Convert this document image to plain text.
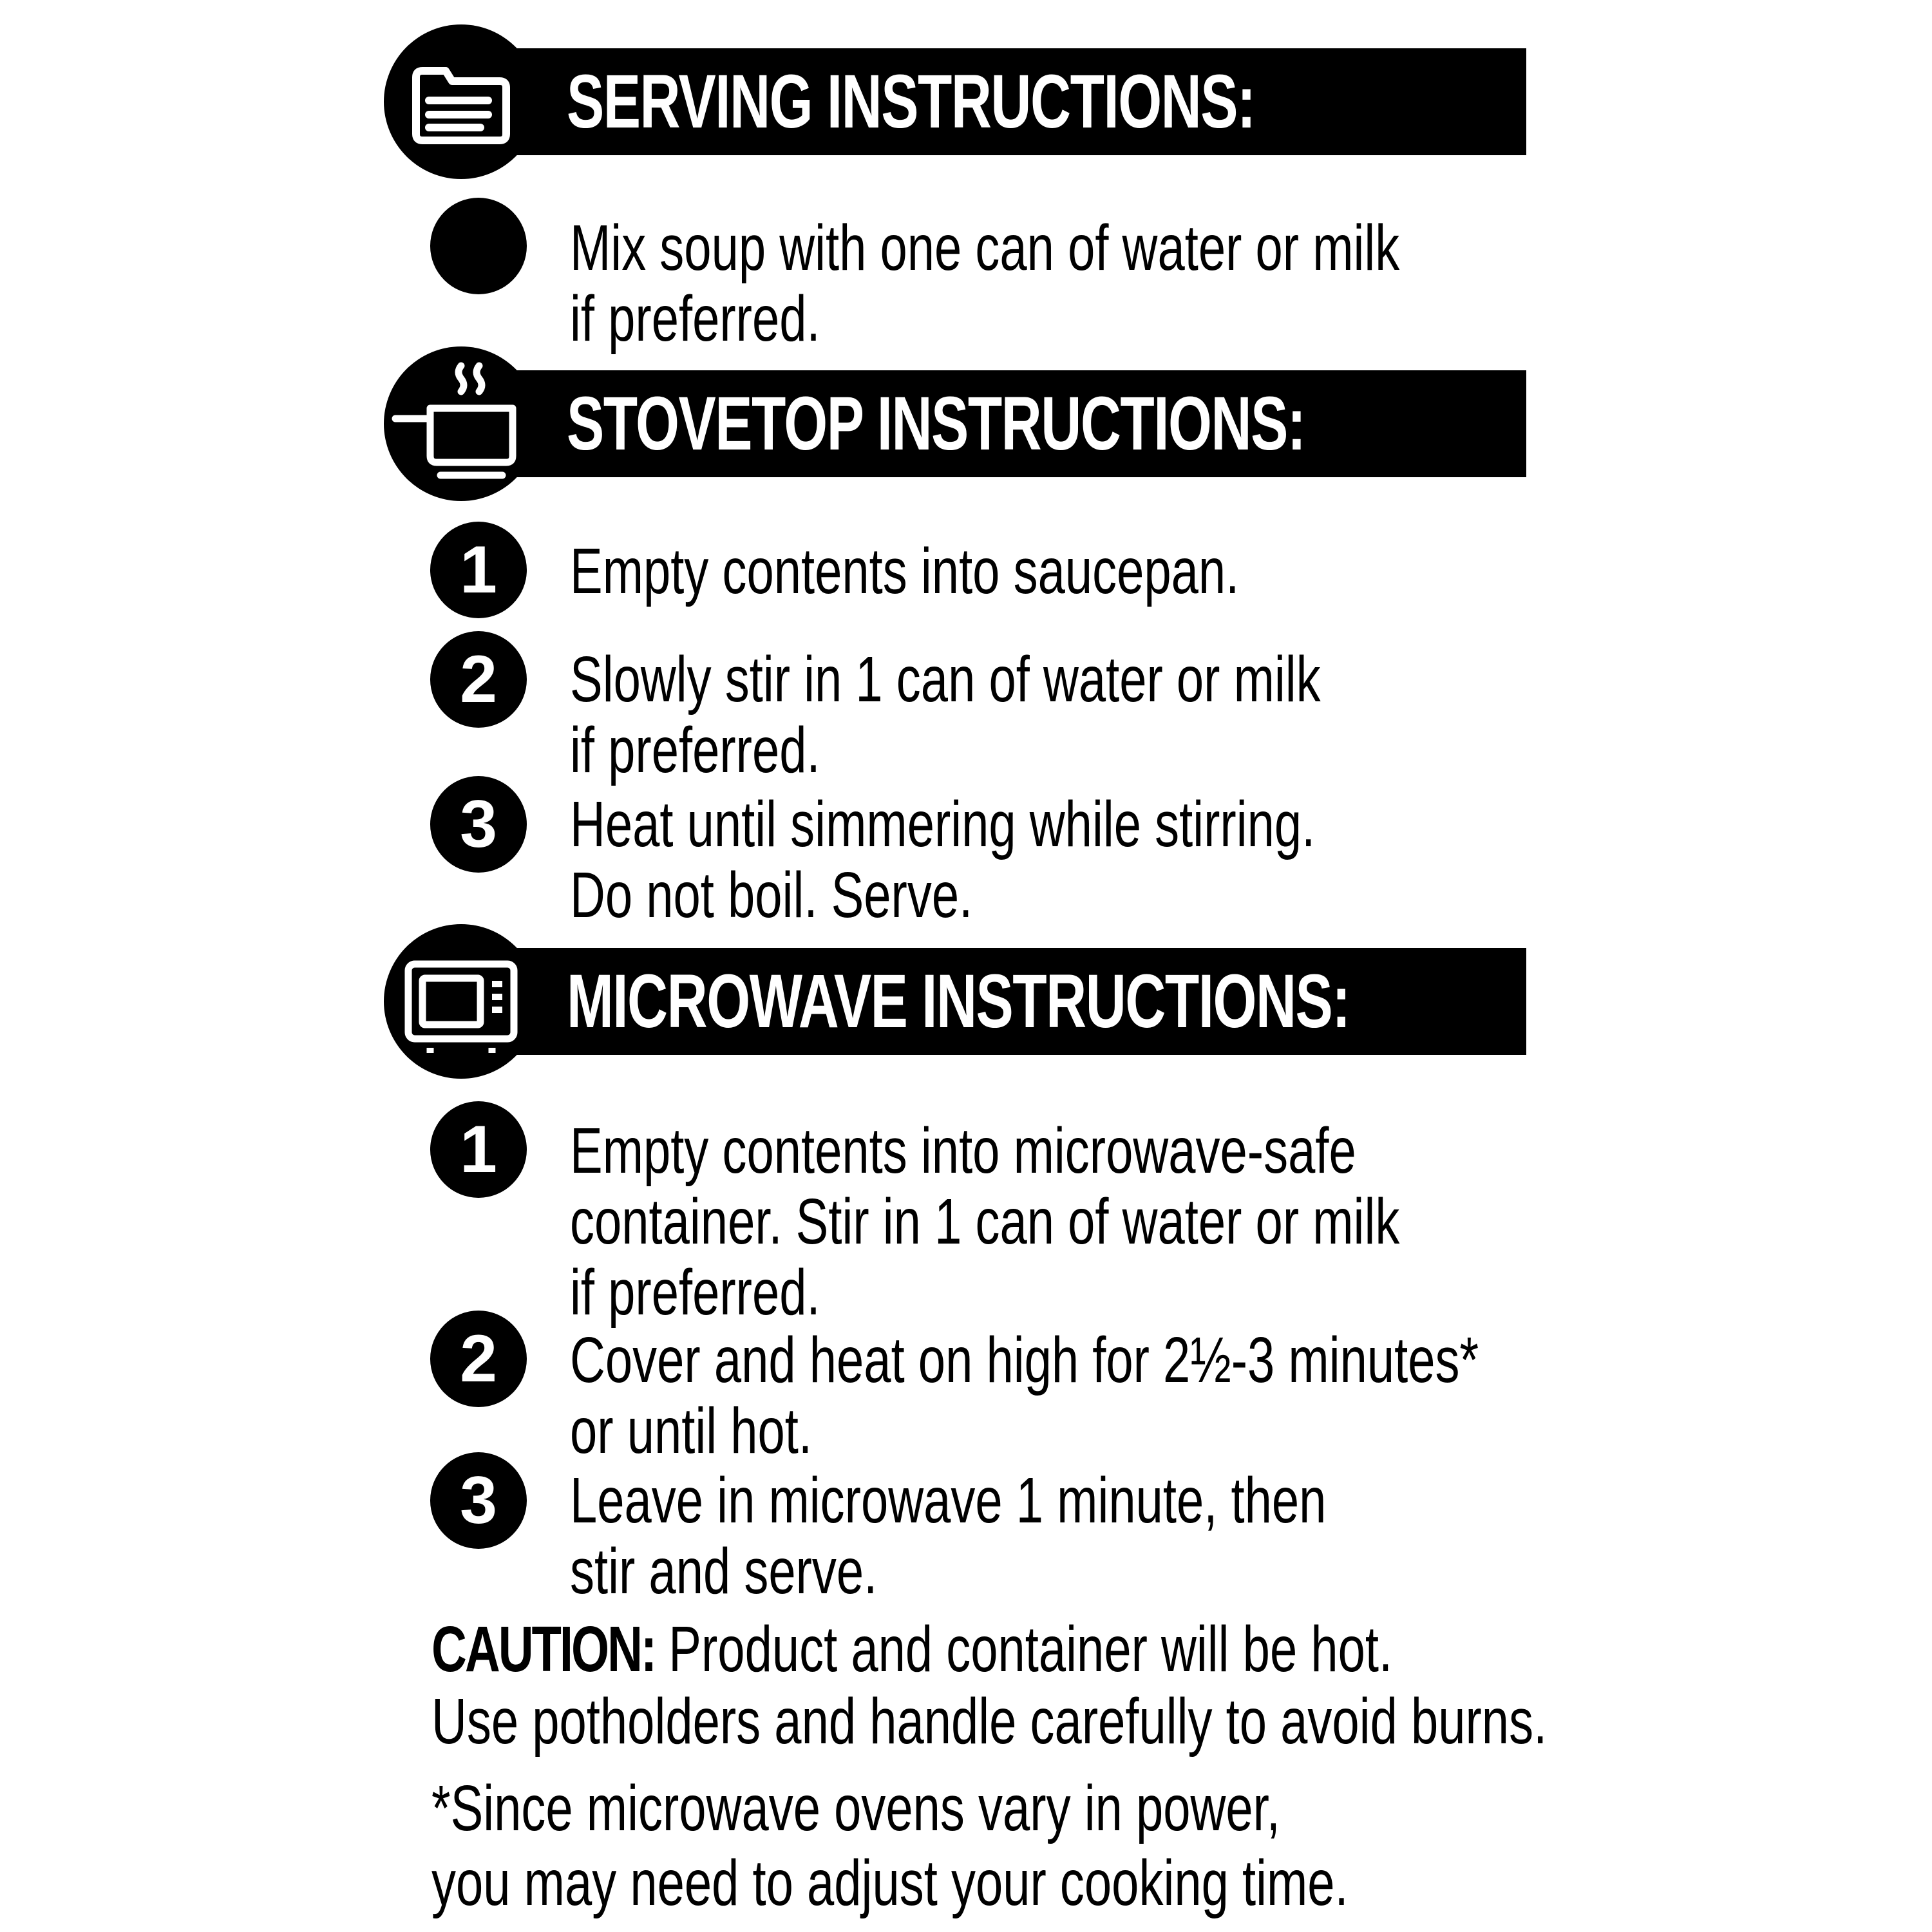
SERVING INSTRUCTIONS:
Mix soup with one can of water or milk
if preferred.
STOVETOP INSTRUCTIONS:
1	Empty contents into saucepan.
2	Slowly stir in 1 can of water or milk
if preferred.
3	Heat until simmering while stirring.
Do not boil. Serve.
MICROWAVE INSTRUCTIONS:
1	Empty contents into microwave-safe
container. Stir in 1 can of water or milk
if preferred.
2	Cover and heat on high for 2½-3 minutes*
or until hot.
3	Leave in microwave 1 minute, then
stir and serve.
CAUTION: Product and container will be hot.
Use potholders and handle carefully to avoid burns.
*Since microwave ovens vary in power,
you may need to adjust your cooking time.
